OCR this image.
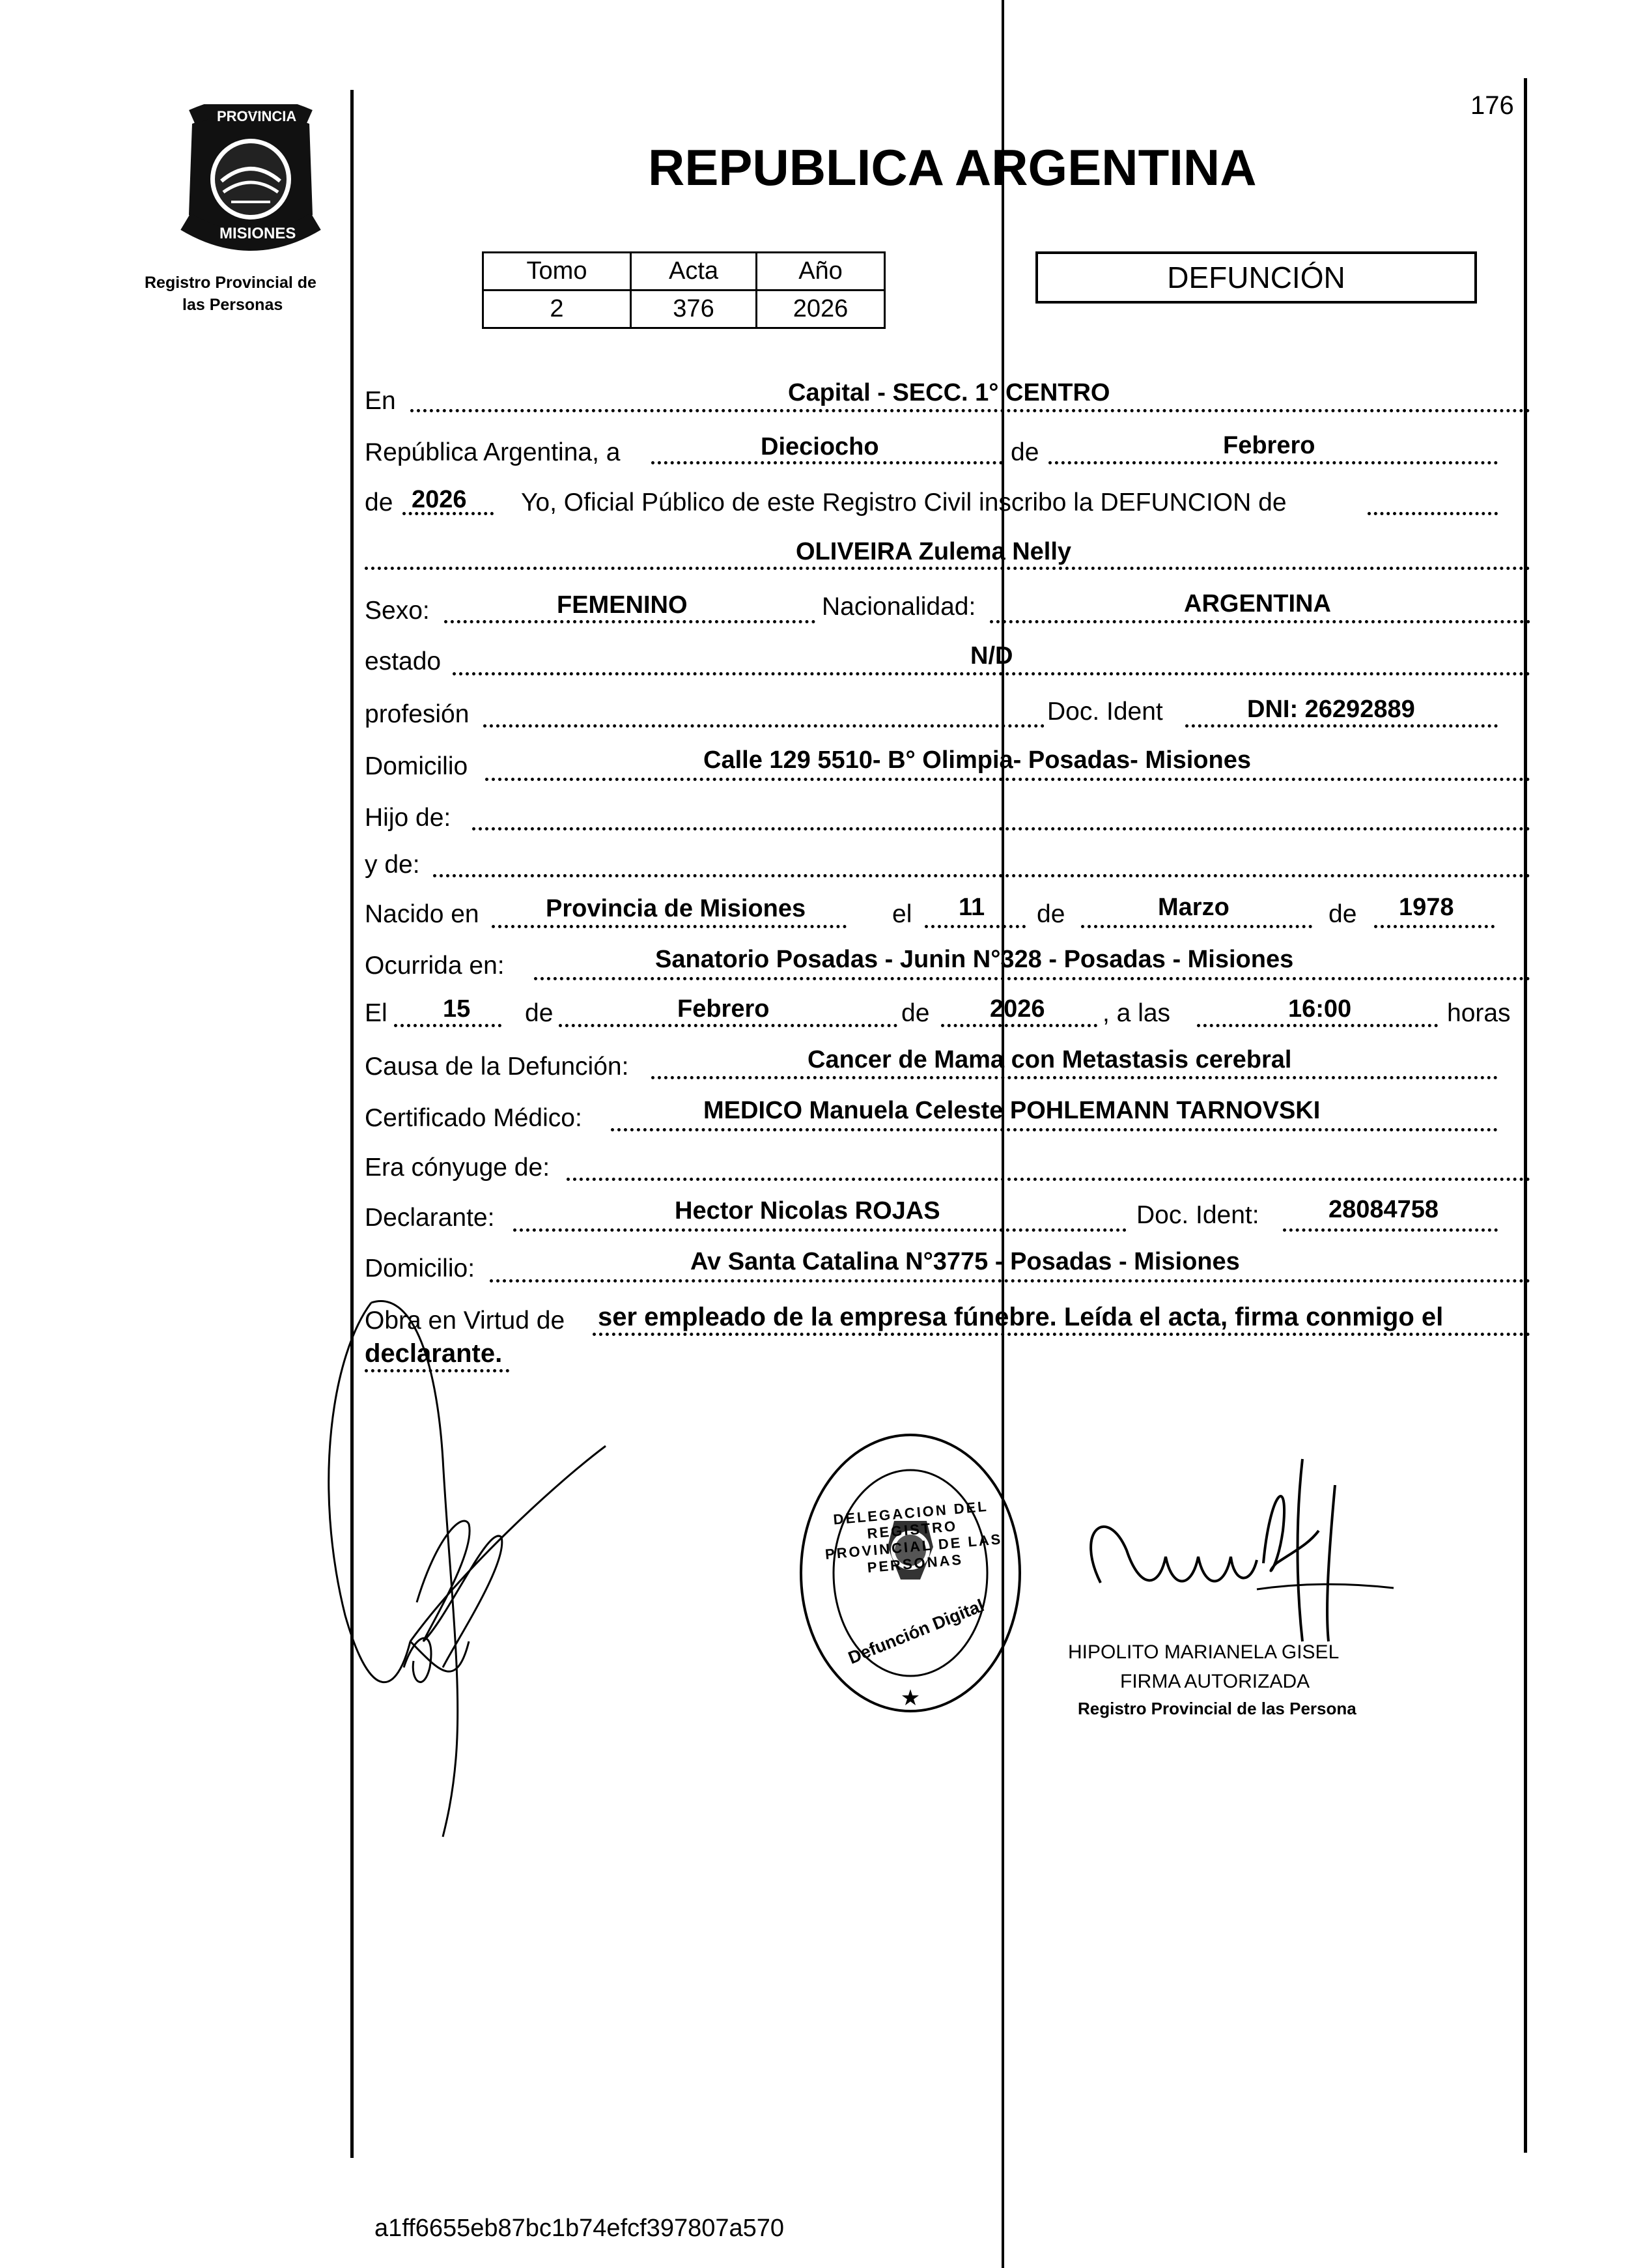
176
PROVINCIA
MISIONES
Registro Provincial de
las Personas
REPUBLICA ARGENTINA
Tomo	Acta	Año
2	376	2026
DEFUNCIÓN
En	Capital - SECC. 1° CENTRO
República Argentina, a	Dieciocho	de	Febrero
de 2026 Yo, Oficial Público de este Registro Civil inscribo la DEFUNCION de
OLIVEIRA Zulema Nelly
Sexo:	FEMENINO	Nacionalidad:	ARGENTINA
estado	N/D
profesión	Doc. Ident	DNI: 26292889
Domicilio	Calle 129 5510- B° Olimpia- Posadas- Misiones
Hijo de:
y de:
Nacido en	Provincia de Misiones	el 11 de	Marzo	de 1978
Ocurrida en:	Sanatorio Posadas - Junin N°328 - Posadas - Misiones
El 15 de	Febrero	de 2026 , a las	16:00	horas
Causa de la Defunción:	Cancer de Mama con Metastasis cerebral
Certificado Médico:	MEDICO Manuela Celeste POHLEMANN TARNOVSKI
Era cónyuge de:
Declarante:	Hector Nicolas ROJAS	Doc. Ident:	28084758
Domicilio:	Av Santa Catalina N°3775 - Posadas - Misiones
Obra en Virtud de ser empleado de la empresa fúnebre. Leída el acta, firma conmigo el
declarante.
★
DELEGACION DEL REGISTRO PROVINCIAL DE LAS PERSONAS
Defunción Digital	HIPOLITO MARIANELA GISEL
FIRMA AUTORIZADA
Registro Provincial de las Persona
a1ff6655eb87bc1b74efcf397807a570
